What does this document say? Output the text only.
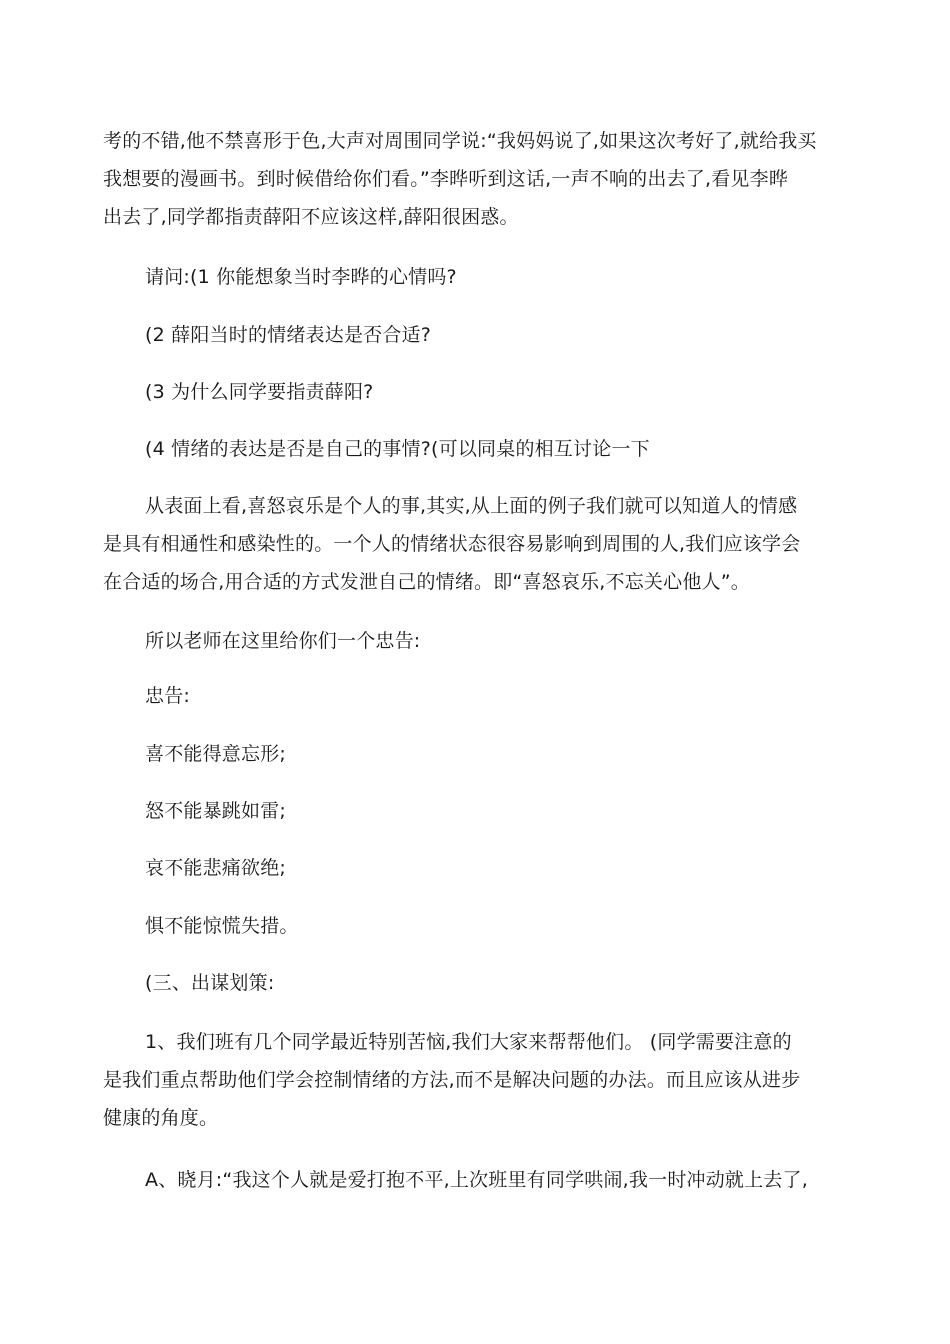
考的不错,他不禁喜形于色,大声对周围同学说:“我妈妈说了,如果这次考好了,就给我买
我想要的漫画书。到时候借给你们看。”李晔听到这话,一声不响的出去了,看见李晔
出去了,同学都指责薛阳不应该这样,薛阳很困惑。

请问:(1 你能想象当时李晔的心情吗?

(2 薛阳当时的情绪表达是否合适?

(3 为什么同学要指责薛阳?

(4 情绪的表达是否是自己的事情?(可以同桌的相互讨论一下

从表面上看,喜怒哀乐是个人的事,其实,从上面的例子我们就可以知道人的情感
是具有相通性和感染性的。一个人的情绪状态很容易影响到周围的人,我们应该学会
在合适的场合,用合适的方式发泄自己的情绪。即“喜怒哀乐,不忘关心他人”。

所以老师在这里给你们一个忠告:

忠告:

喜不能得意忘形;

怒不能暴跳如雷;

哀不能悲痛欲绝;

惧不能惊慌失措。

(三、出谋划策:

1、我们班有几个同学最近特别苦恼,我们大家来帮帮他们。 (同学需要注意的
是我们重点帮助他们学会控制情绪的方法,而不是解决问题的办法。而且应该从进步
健康的角度。

A、晓月:“我这个人就是爱打抱不平,上次班里有同学哄闹,我一时冲动就上去了,
